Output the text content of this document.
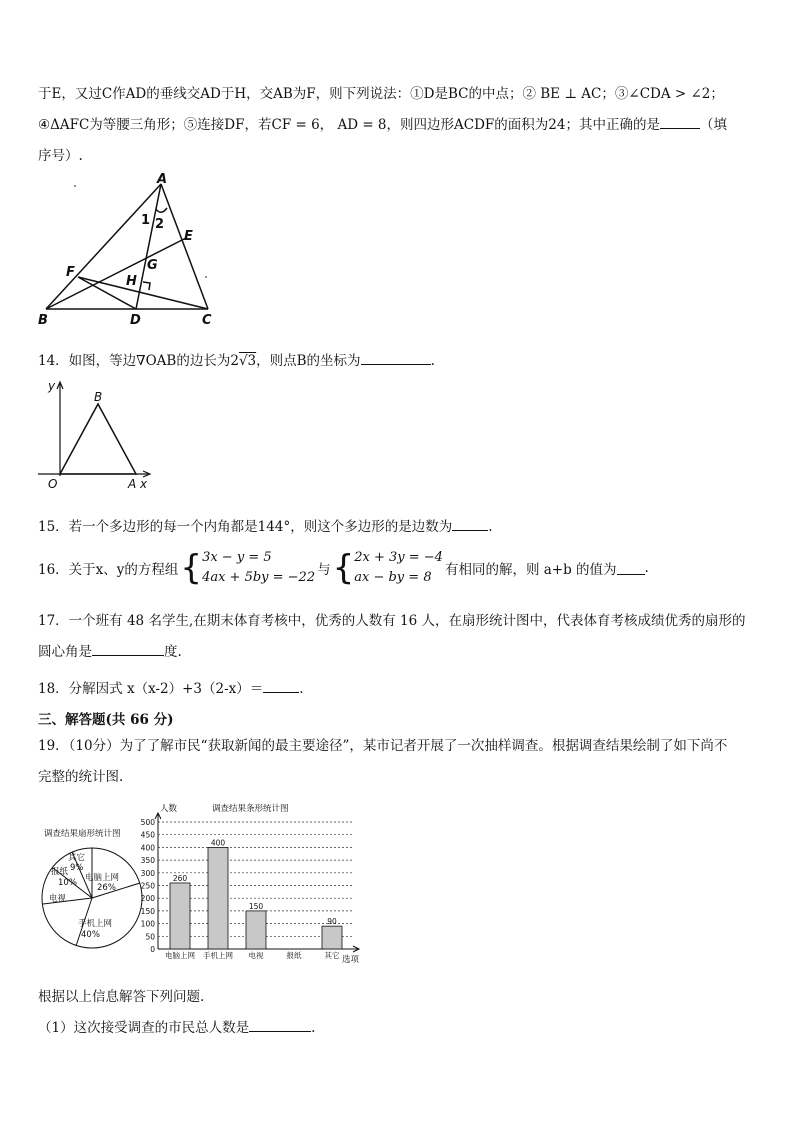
于E，又过C作AD的垂线交AD于H，交AB为F，则下列说法：①D是BC的中点；② BE ⊥ AC；③∠CDA > ∠2；
④ΔAFC为等腰三角形；⑤连接DF，若CF = 6， AD = 8，则四边形ACDF的面积为24；其中正确的是	（填
序号）.
A
B	C
D
E
F	G
H
1 2
14．如图，等边∇OAB的边长为2√3，则点B的坐标为	.
y
B
O	A x
15．若一个多边形的每一个内角都是144°，则这个多边形的是边数为	.
16．关于x、y的方程组{3x − y = 5
4ax + 5by = −22 与{2x + 3y = −4
ax − by = 8 有相同的解，则 a+b 的值为 .
17．一个班有 48 名学生,在期末体育考核中，优秀的人数有 16 人，在扇形统计图中，代表体育考核成绩优秀的扇形的
圆心角是	度.
18．分解因式 x（x-2）+3（2-x）＝	.
三、解答题(共 66 分)
19．（10分）为了了解市民“获取新闻的最主要途径”，某市记者开展了一次抽样调查。根据调查结果绘制了如下尚不
完整的统计图.
调查结果扇形统计图
电脑上网
26%
手机上网
40%
电视
报纸
10%
其它
9%
人数	调查结果条形统计图
0
50
100
150
200
250
300
350
400
450
500
260
电脑上网
400
手机上网
150
电视	报纸
90
其它 选项
根据以上信息解答下列问题.
（1）这次接受调查的市民总人数是	.
